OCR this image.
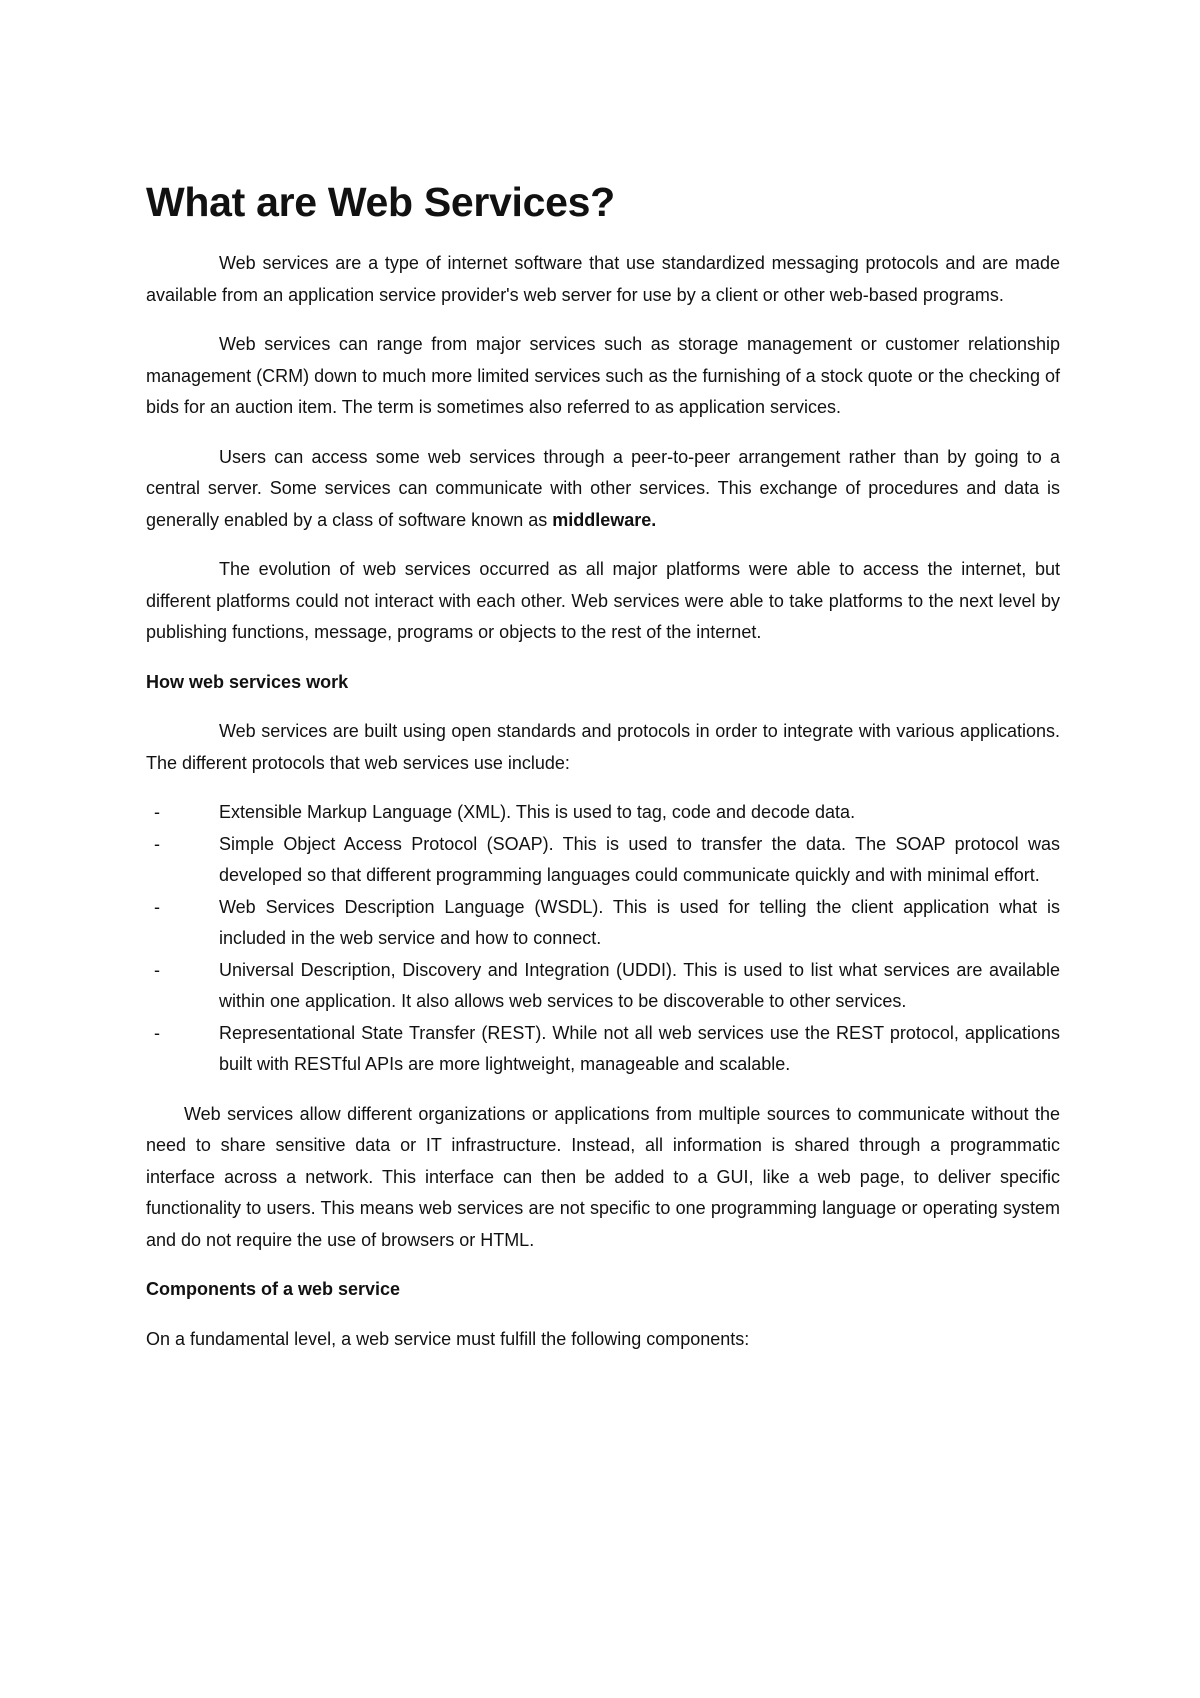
What are Web Services?

Web services are a type of internet software that use standardized messaging protocols and are made available from an application service provider's web server for use by a client or other web-based programs.

Web services can range from major services such as storage management or customer relationship management (CRM) down to much more limited services such as the furnishing of a stock quote or the checking of bids for an auction item. The term is sometimes also referred to as application services.

Users can access some web services through a peer-to-peer arrangement rather than by going to a central server. Some services can communicate with other services. This exchange of procedures and data is generally enabled by a class of software known as middleware.

The evolution of web services occurred as all major platforms were able to access the internet, but different platforms could not interact with each other. Web services were able to take platforms to the next level by publishing functions, message, programs or objects to the rest of the internet.

How web services work

Web services are built using open standards and protocols in order to integrate with various applications. The different protocols that web services use include:

-	Extensible Markup Language (XML). This is used to tag, code and decode data.
-	Simple Object Access Protocol (SOAP). This is used to transfer the data. The SOAP protocol was developed so that different programming languages could communicate quickly and with minimal effort.
-	Web Services Description Language (WSDL). This is used for telling the client application what is included in the web service and how to connect.
-	Universal Description, Discovery and Integration (UDDI). This is used to list what services are available within one application. It also allows web services to be discoverable to other services.
-	Representational State Transfer (REST). While not all web services use the REST protocol, applications built with RESTful APIs are more lightweight, manageable and scalable.

Web services allow different organizations or applications from multiple sources to communicate without the need to share sensitive data or IT infrastructure. Instead, all information is shared through a programmatic interface across a network. This interface can then be added to a GUI, like a web page, to deliver specific functionality to users. This means web services are not specific to one programming language or operating system and do not require the use of browsers or HTML.

Components of a web service

On a fundamental level, a web service must fulfill the following components:
